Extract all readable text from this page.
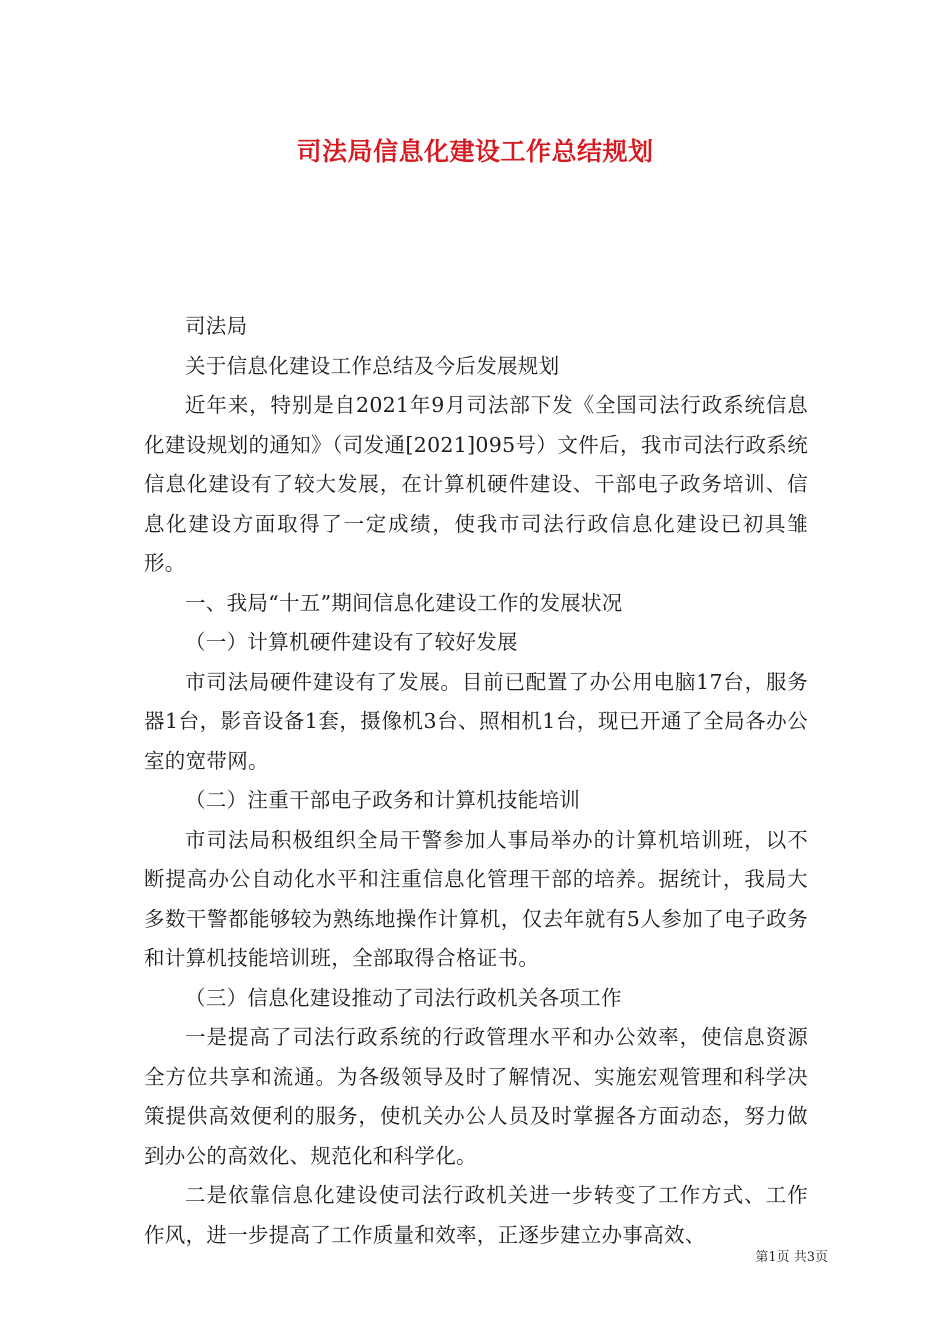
司法局信息化建设工作总结规划

司法局

关于信息化建设工作总结及今后发展规划

近年来，特别是自2021年9月司法部下发《全国司法行政系统信息化建设规划的通知》（司发通[2021]095号）文件后，我市司法行政系统信息化建设有了较大发展，在计算机硬件建设、干部电子政务培训、信息化建设方面取得了一定成绩，使我市司法行政信息化建设已初具雏形。

一、我局“十五”期间信息化建设工作的发展状况

（一）计算机硬件建设有了较好发展

市司法局硬件建设有了发展。目前已配置了办公用电脑17台，服务器1台，影音设备1套，摄像机3台、照相机1台，现已开通了全局各办公室的宽带网。

（二）注重干部电子政务和计算机技能培训

市司法局积极组织全局干警参加人事局举办的计算机培训班，以不断提高办公自动化水平和注重信息化管理干部的培养。据统计，我局大多数干警都能够较为熟练地操作计算机，仅去年就有5人参加了电子政务和计算机技能培训班，全部取得合格证书。

（三）信息化建设推动了司法行政机关各项工作

一是提高了司法行政系统的行政管理水平和办公效率，使信息资源全方位共享和流通。为各级领导及时了解情况、实施宏观管理和科学决策提供高效便利的服务，使机关办公人员及时掌握各方面动态，努力做到办公的高效化、规范化和科学化。

二是依靠信息化建设使司法行政机关进一步转变了工作方式、工作作风，进一步提高了工作质量和效率，正逐步建立办事高效、

第1页 共3页
